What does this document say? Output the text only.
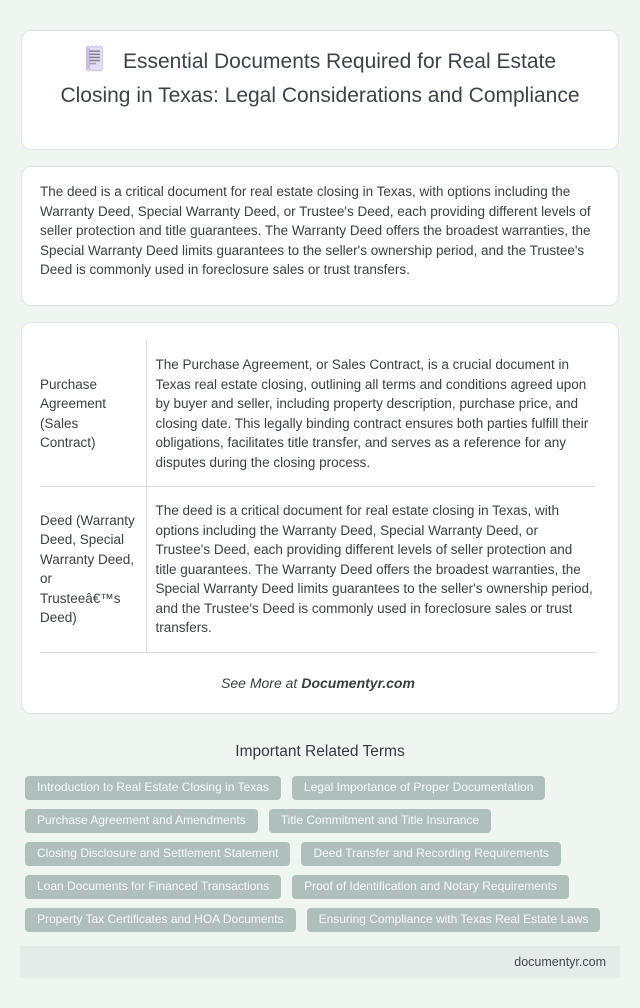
Essential Documents Required for Real Estate Closing in Texas: Legal Considerations and Compliance

The deed is a critical document for real estate closing in Texas, with options including the Warranty Deed, Special Warranty Deed, or Trustee's Deed, each providing different levels of seller protection and title guarantees. The Warranty Deed offers the broadest warranties, the Special Warranty Deed limits guarantees to the seller's ownership period, and the Trustee's Deed is commonly used in foreclosure sales or trust transfers.

Purchase Agreement (Sales Contract)	The Purchase Agreement, or Sales Contract, is a crucial document in Texas real estate closing, outlining all terms and conditions agreed upon by buyer and seller, including property description, purchase price, and closing date. This legally binding contract ensures both parties fulfill their obligations, facilitates title transfer, and serves as a reference for any disputes during the closing process.
Deed (Warranty Deed, Special Warranty Deed, or Trusteeâ€™s Deed)	The deed is a critical document for real estate closing in Texas, with options including the Warranty Deed, Special Warranty Deed, or Trustee's Deed, each providing different levels of seller protection and title guarantees. The Warranty Deed offers the broadest warranties, the Special Warranty Deed limits guarantees to the seller's ownership period, and the Trustee's Deed is commonly used in foreclosure sales or trust transfers.
See More at Documentyr.com
Important Related Terms
Introduction to Real Estate Closing in Texas	Legal Importance of Proper Documentation
Purchase Agreement and Amendments	Title Commitment and Title Insurance
Closing Disclosure and Settlement Statement	Deed Transfer and Recording Requirements
Loan Documents for Financed Transactions	Proof of Identification and Notary Requirements
Property Tax Certificates and HOA Documents	Ensuring Compliance with Texas Real Estate Laws
documentyr.com
